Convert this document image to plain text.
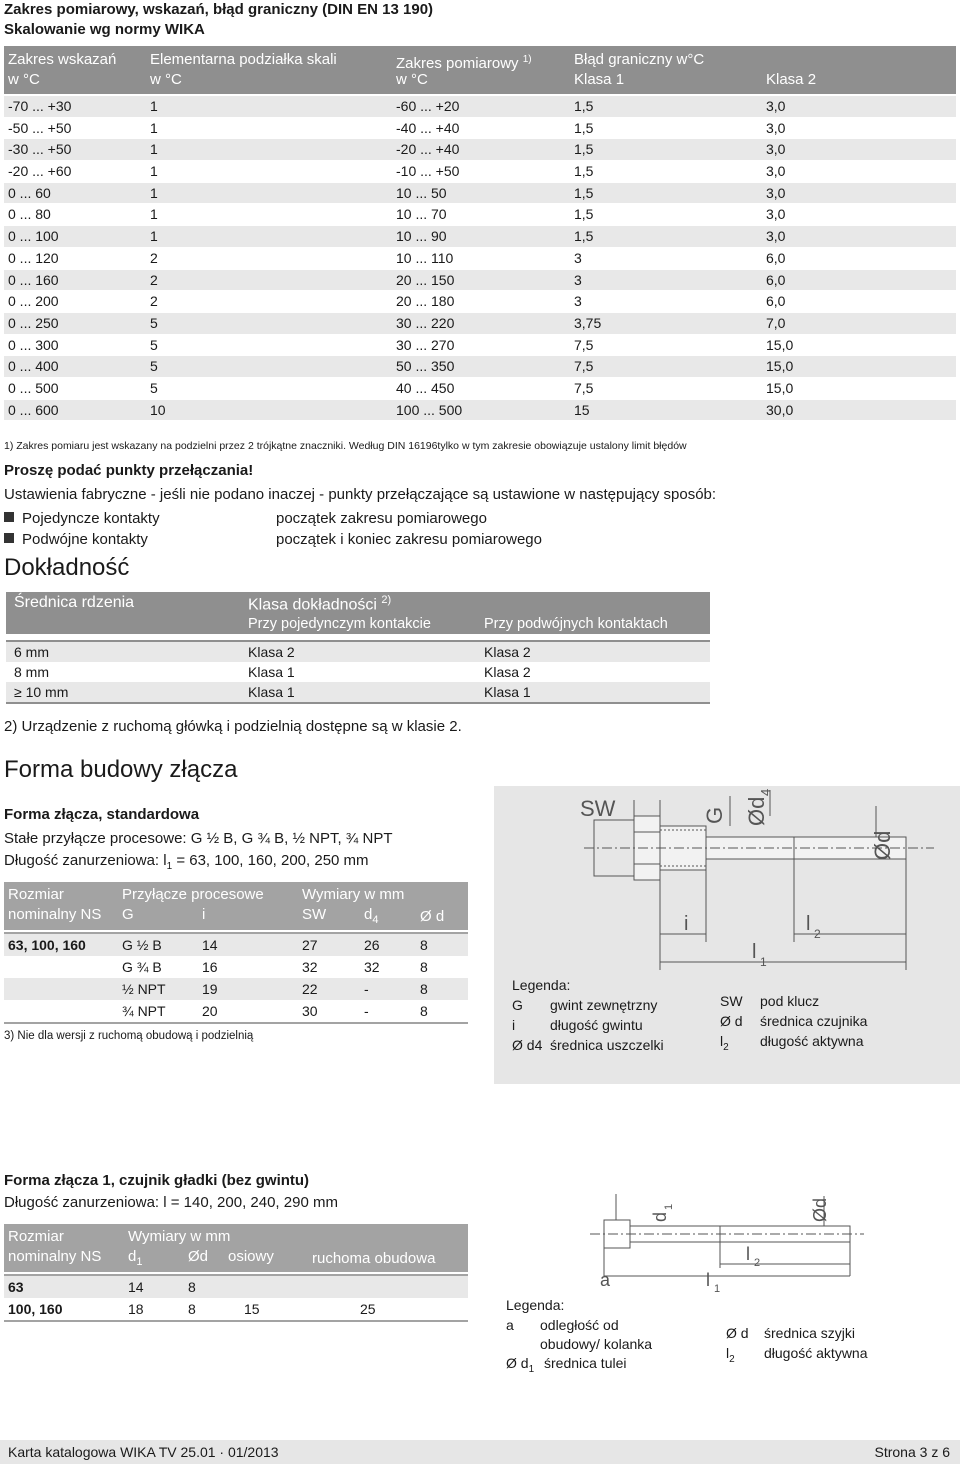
Zakres pomiarowy, wskazań, błąd graniczny (DIN EN 13 190)
Skalowanie wg normy WIKA
Zakres wskazań
w °C
Elementarna podziałka skali
w °C
Zakres pomiarowy $^{1)}$
w °C
Błąd graniczny w°C
Klasa 1	Klasa 2
-70 ... +30	1	-60 ... +20	1,5	3,0
-50 ... +50	1	-40 ... +40	1,5	3,0
-30 ... +50	1	-20 ... +40	1,5	3,0
-20 ... +60	1	-10 ... +50	1,5	3,0
0 ... 60	1	10 ... 50	1,5	3,0
0 ... 80	1	10 ... 70	1,5	3,0
0 ... 100	1	10 ... 90	1,5	3,0
0 ... 120	2	10 ... 110	3	6,0
0 ... 160	2	20 ... 150	3	6,0
0 ... 200	2	20 ... 180	3	6,0
0 ... 250	5	30 ... 220	3,75	7,0
0 ... 300	5	30 ... 270	7,5	15,0
0 ... 400	5	50 ... 350	7,5	15,0
0 ... 500	5	40 ... 450	7,5	15,0
0 ... 600	10	100 ... 500	15	30,0
1) Zakres pomiaru jest wskazany na podzielni przez 2 trójkątne znaczniki. Według DIN 16196tylko w tym zakresie obowiązuje ustalony limit błędów
Proszę podać punkty przełączania!
Ustawienia fabryczne - jeśli nie podano inaczej - punkty przełączające są ustawione w następujący sposób:
Pojedyncze kontakty	początek zakresu pomiarowego
Podwójne kontakty	początek i koniec zakresu pomiarowego
Dokładność
Średnica rdzenia	Klasa dokładności $^{2)}$
Przy pojedynczym kontakcie	Przy podwójnych kontaktach
6 mm	Klasa 2	Klasa 2
8 mm	Klasa 1	Klasa 2
≥ 10 mm	Klasa 1	Klasa 1
2) Urządzenie z ruchomą główką i podzielnią dostępne są w klasie 2.
Forma budowy złącza
Forma złącza, standardowa
Stałe przyłącze procesowe: G ½ B, G ¾ B, ½ NPT, ¾ NPT
Długość zanurzeniowa: $l_1 = 63$, 100, 160, 200, 250 mm
Rozmiar
nominalny NS
Przyłącze procesowe
G	i
Wymiary w mm
SW	$d_4$	Ø d
63, 100, 160	G ½ B	14	27	26	8
G ¾ B	16	32	32	8
½ NPT	19	22	-	8
¾ NPT	20	30	-	8
3) Nie dla wersji z ruchomą obudową i podzielnią
SW	G Ød
4
Ød
i	l 2
l 1
Legenda:
G	gwint zewnętrzny
i długość gwintu
Ø d4 średnica uszczelki
SW pod klucz
Ø d średnica czujnika
$l_2$ długość aktywna
Forma złącza 1, czujnik gładki (bez gwintu)
Długość zanurzeniowa: l = 140, 200, 240, 290 mm
Rozmiar
nominalny NS
Wymiary w mm
$d_1$	Ød osiowy	ruchoma obudowa
63	14	8
100, 160	18	8	15	25
d
1	Ød
l 2
a	l 1
Legenda:
a odległość od
obudowy/ kolanka
Ø $d_1$ średnica tulei
Ø d średnica szyjki
$l_2$ długość aktywna
Karta katalogowa WIKA TV 25.01 · 01/2013	Strona 3 z 6
